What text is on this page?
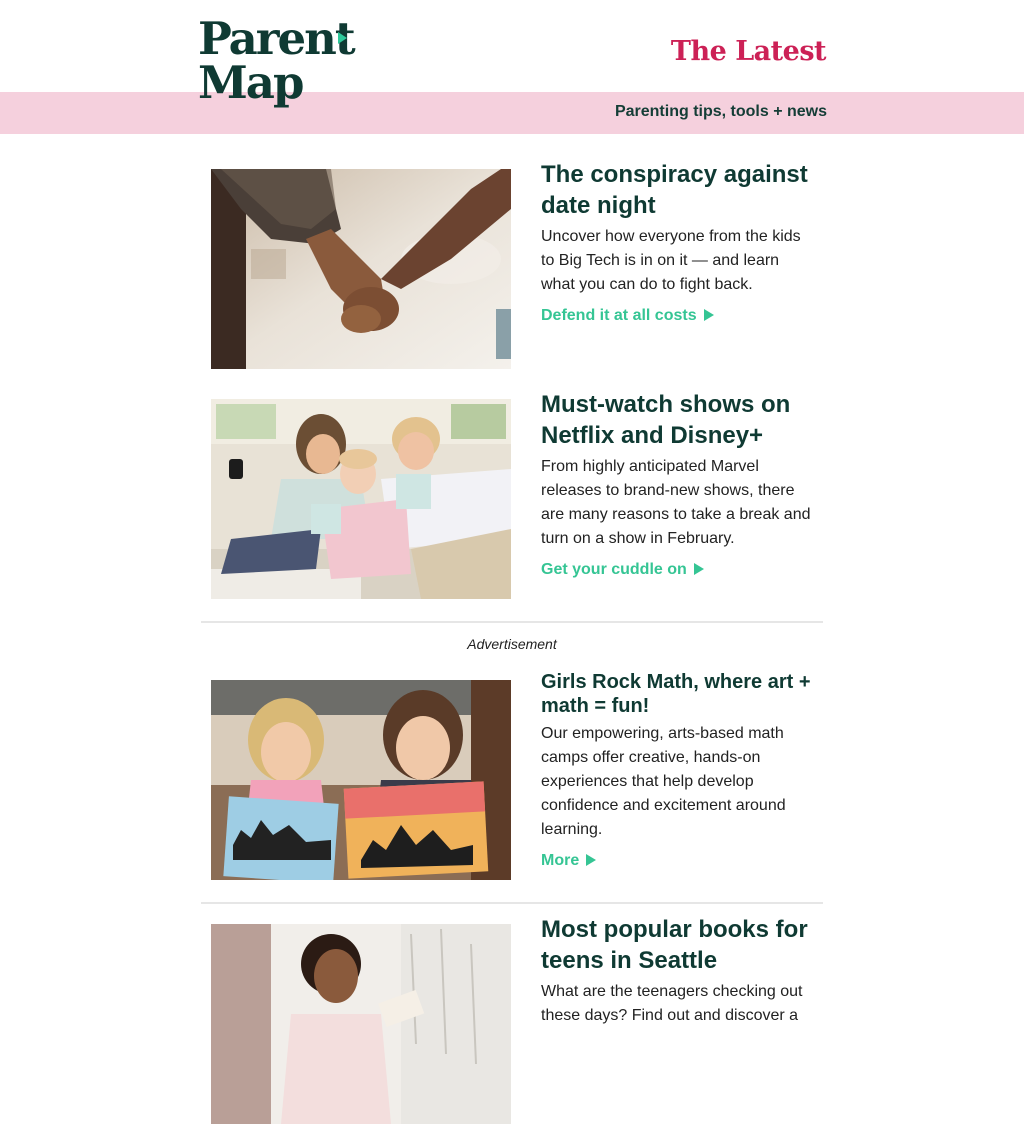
Parent
Map
The Latest
Parenting tips, tools + news
The conspiracy against date night

Uncover how everyone from the kids to Big Tech is in on it — and learn what you can do to fight back.

Defend it at all costs
Must-watch shows on Netflix and Disney+

From highly anticipated Marvel releases to brand-new shows, there are many reasons to take a break and turn on a show in February.

Get your cuddle on
Advertisement
Girls Rock Math, where art + math = fun!

Our empowering, arts-based math camps offer creative, hands-on experiences that help develop confidence and excitement around learning.

More
Most popular books for teens in Seattle

What are the teenagers checking out these days? Find out and discover a
